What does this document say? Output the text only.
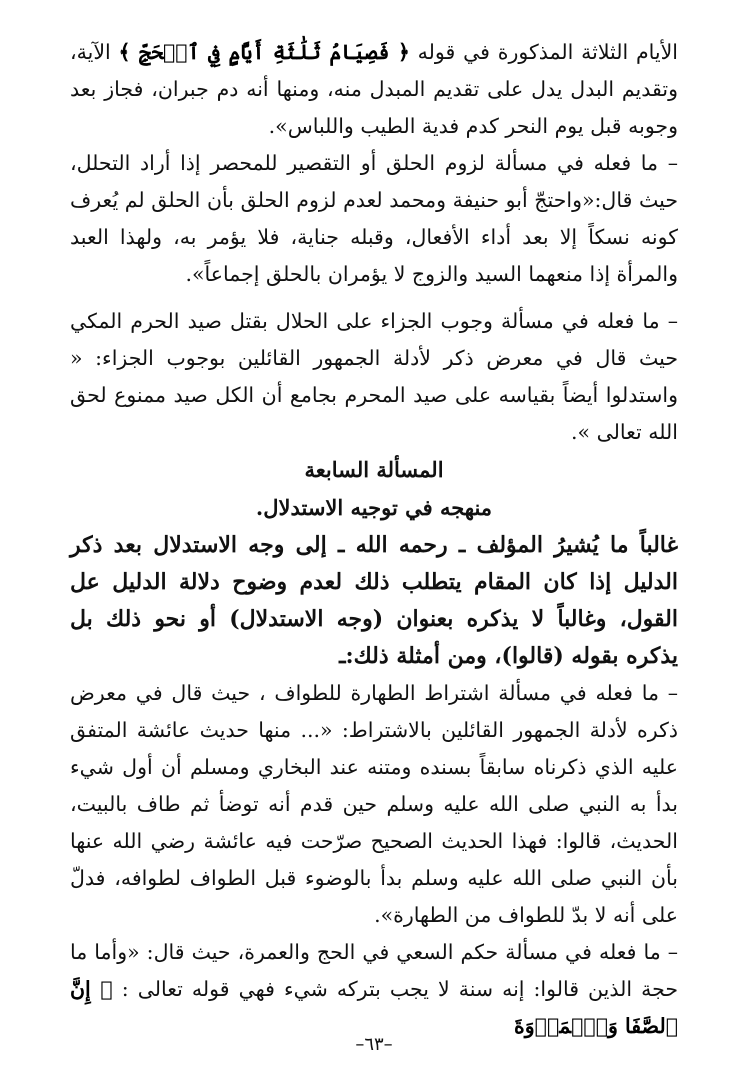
الأيام الثلاثة المذكورة في قوله ﴿ فَصِيَامُ ثَلَٰثَةِ أَيَّامٍ فِي ٱلۡحَجِّ ﴾ الآية، وتقديم البدل يدل على تقديم المبدل منه، ومنها أنه دم جبران، فجاز بعد وجوبه قبل يوم النحر كدم فدية الطيب واللباس».

– ما فعله في مسألة لزوم الحلق أو التقصير للمحصر إذا أراد التحلل، حيث قال:«واحتجّ أبو حنيفة ومحمد لعدم لزوم الحلق بأن الحلق لم يُعرف كونه نسكاً إلا بعد أداء الأفعال، وقبله جناية، فلا يؤمر به، ولهذا العبد والمرأة إذا منعهما السيد والزوج لا يؤمران بالحلق إجماعاً».

– ما فعله في مسألة وجوب الجزاء على الحلال بقتل صيد الحرم المكي حيث قال في معرض ذكر لأدلة الجمهور القائلين بوجوب الجزاء: « واستدلوا أيضاً بقياسه على صيد المحرم بجامع أن الكل صيد ممنوع لحق الله تعالى ».

المسألة السابعة

منهجه في توجيه الاستدلال.

غالباً ما يُشيرُ المؤلف ـ رحمه الله ـ إلى وجه الاستدلال بعد ذكر الدليل إذا كان المقام يتطلب ذلك لعدم وضوح دلالة الدليل عل القول، وغالباً لا يذكره بعنوان (وجه الاستدلال) أو نحو ذلك بل يذكره بقوله (قالوا)، ومن أمثلة ذلك:ـ

– ما فعله في مسألة اشتراط الطهارة للطواف ، حيث قال في معرض ذكره لأدلة الجمهور القائلين بالاشتراط: «... منها حديث عائشة المتفق عليه الذي ذكرناه سابقاً بسنده ومتنه عند البخاري ومسلم أن أول شيء بدأ به النبي صلى الله عليه وسلم حين قدم أنه توضأ ثم طاف بالبيت، الحديث، قالوا: فهذا الحديث الصحيح صرّحت فيه عائشة رضي الله عنها بأن النبي صلى الله عليه وسلم بدأ بالوضوء قبل الطواف لطوافه، فدلّ على أنه لا بدّ للطواف من الطهارة».

– ما فعله في مسألة حكم السعي في الحج والعمرة، حيث قال: «وأما ما حجة الذين قالوا: إنه سنة لا يجب بتركه شيء فهي قوله تعالى : ﴿ إِنَّ ٱلصَّفَا وَٱلۡمَرۡوَةَ

–٦٣–
